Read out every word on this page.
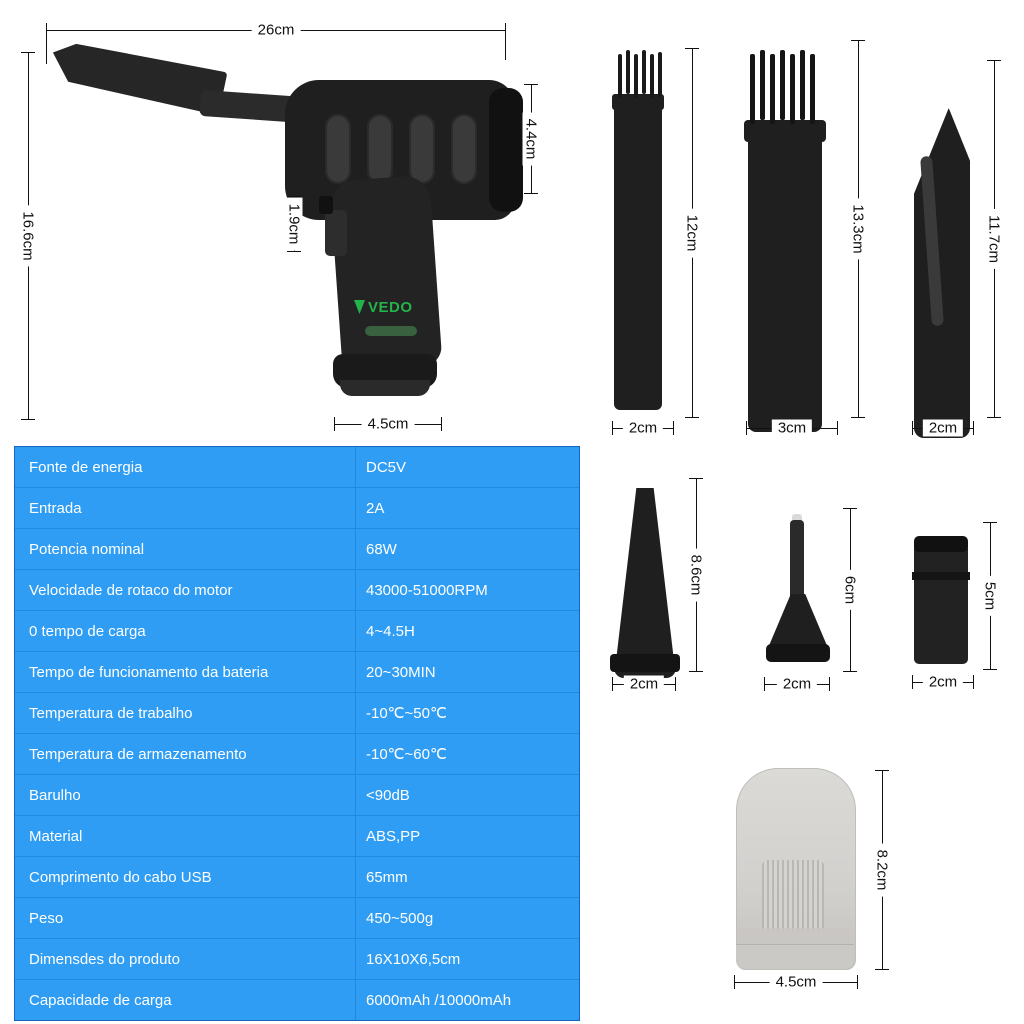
VEDO
26cm
16.6cm
4.4cm
1.9cm
4.5cm
12cm
2cm
13.3cm
3cm
11.7cm
2cm
8.6cm
2cm
6cm
2cm
5cm
2cm
8.2cm
4.5cm
Fonte de energia	DC5V
Entrada	2A
Potencia nominal	68W
Velocidade de rotaco do motor	43000-51000RPM
0 tempo de carga	4~4.5H
Tempo de funcionamento da bateria	20~30MIN
Temperatura de trabalho	-10℃~50℃
Temperatura de armazenamento	-10℃~60℃
Barulho	<90dB
Material	ABS,PP
Comprimento do cabo USB	65mm
Peso	450~500g
Dimensdes do produto	16X10X6,5cm
Capacidade de carga	6000mAh /10000mAh
